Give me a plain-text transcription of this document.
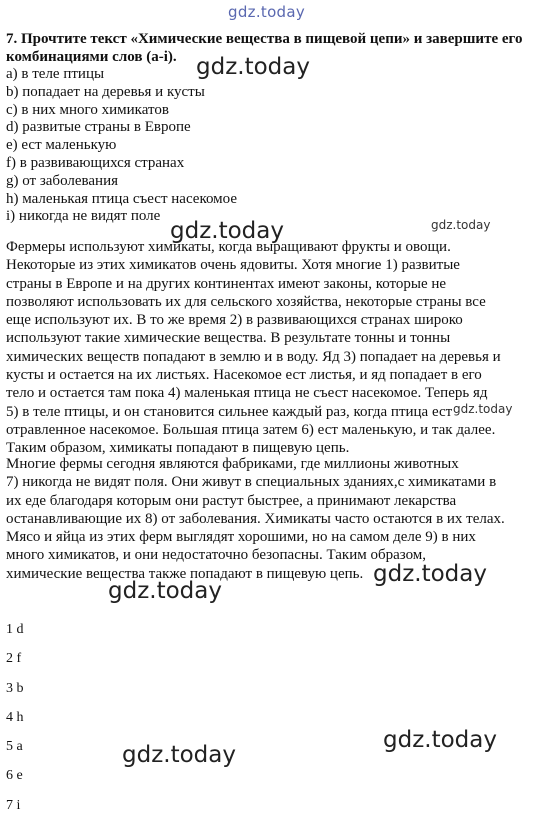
gdz.today
7. Прочтите текст «Химические вещества в пищевой цепи» и завершите его комбинациями слов (a-i).
a) в теле птицы
b) попадает на деревья и кусты
c) в них много химикатов
d) развитые страны в Европе
e) ест маленькую
f) в развивающихся странах
g) от заболевания
h) маленькая птица съест насекомое
i) никогда не видят поле
Фермеры используют химикаты, когда выращивают фрукты и овощи.
Некоторые из этих химикатов очень ядовиты. Хотя многие 1) развитые
страны в Европе и на других континентах имеют законы, которые не
позволяют использовать их для сельского хозяйства, некоторые страны все
еще используют их. В то же время 2) в развивающихся странах широко
используют такие химические вещества. В результате тонны и тонны
химических веществ попадают в землю и в воду. Яд 3) попадает на деревья и
кусты и остается на их листьях. Насекомое ест листья, и яд попадает в его
тело и остается там пока 4) маленькая птица не съест насекомое. Теперь яд
5) в теле птицы, и он становится сильнее каждый раз, когда птица ест
отравленное насекомое. Большая птица затем 6) ест маленькую, и так далее.
Таким образом, химикаты попадают в пищевую цепь.
Многие фермы сегодня являются фабриками, где миллионы животных
7) никогда не видят поля. Они живут в специальных зданиях,с химикатами в
их еде благодаря которым они растут быстрее, а принимают лекарства
останавливающие их 8) от заболевания. Химикаты часто остаются в их телах.
Мясо и яйца из этих ферм выглядят хорошими, но на самом деле 9) в них
много химикатов, и они недостаточно безопасны. Таким образом,
химические вещества также попадают в пищевую цепь.
1 d
2 f
3 b
4 h
5 a
6 e
7 i
gdz.today
gdz.today	gdz.today
gdz.today
gdz.today
gdz.today
gdz.today
gdz.today
